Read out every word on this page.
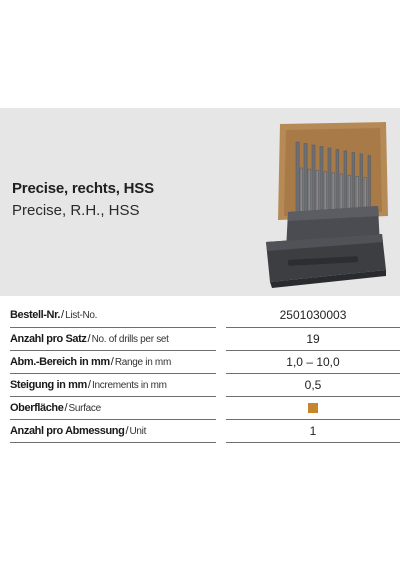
Precise, rechts, HSS
Precise, R.H., HSS
Bestell-Nr./List-No.		2501030003
Anzahl pro Satz/No. of drills per set		19
Abm.-Bereich in mm/Range in mm		1,0 – 10,0
Steigung in mm/Increments in mm		0,5
Oberfläche/Surface		
Anzahl pro Abmessung/Unit		1
